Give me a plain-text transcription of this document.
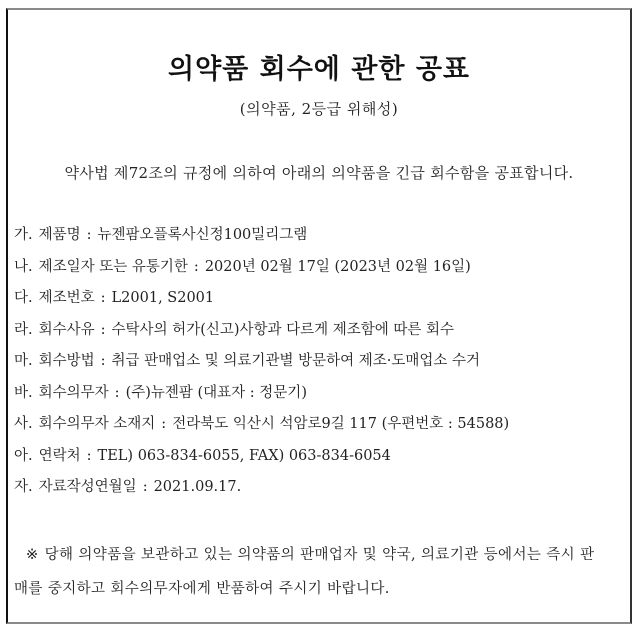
의약품 회수에 관한 공표
(의약품, 2등급 위해성)
약사법 제72조의 규정에 의하여 아래의 의약품을 긴급 회수함을 공표합니다.
가. 제품명 : 뉴젠팜오플록사신정100밀리그램
나. 제조일자 또는 유통기한 : 2020년 02월 17일 (2023년 02월 16일)
다. 제조번호 : L2001, S2001
라. 회수사유 : 수탁사의 허가(신고)사항과 다르게 제조함에 따른 회수
마. 회수방법 : 취급 판매업소 및 의료기관별 방문하여 제조·도매업소 수거
바. 회수의무자 : (주)뉴젠팜 (대표자 : 정문기)
사. 회수의무자 소재지 : 전라북도 익산시 석암로9길 117 (우편번호 : 54588)
아. 연락처 : TEL) 063-834-6055, FAX) 063-834-6054
자. 자료작성연월일 : 2021.09.17.
※ 당해 의약품을 보관하고 있는 의약품의 판매업자 및 약국, 의료기관 등에서는 즉시 판
매를 중지하고 회수의무자에게 반품하여 주시기 바랍니다.
